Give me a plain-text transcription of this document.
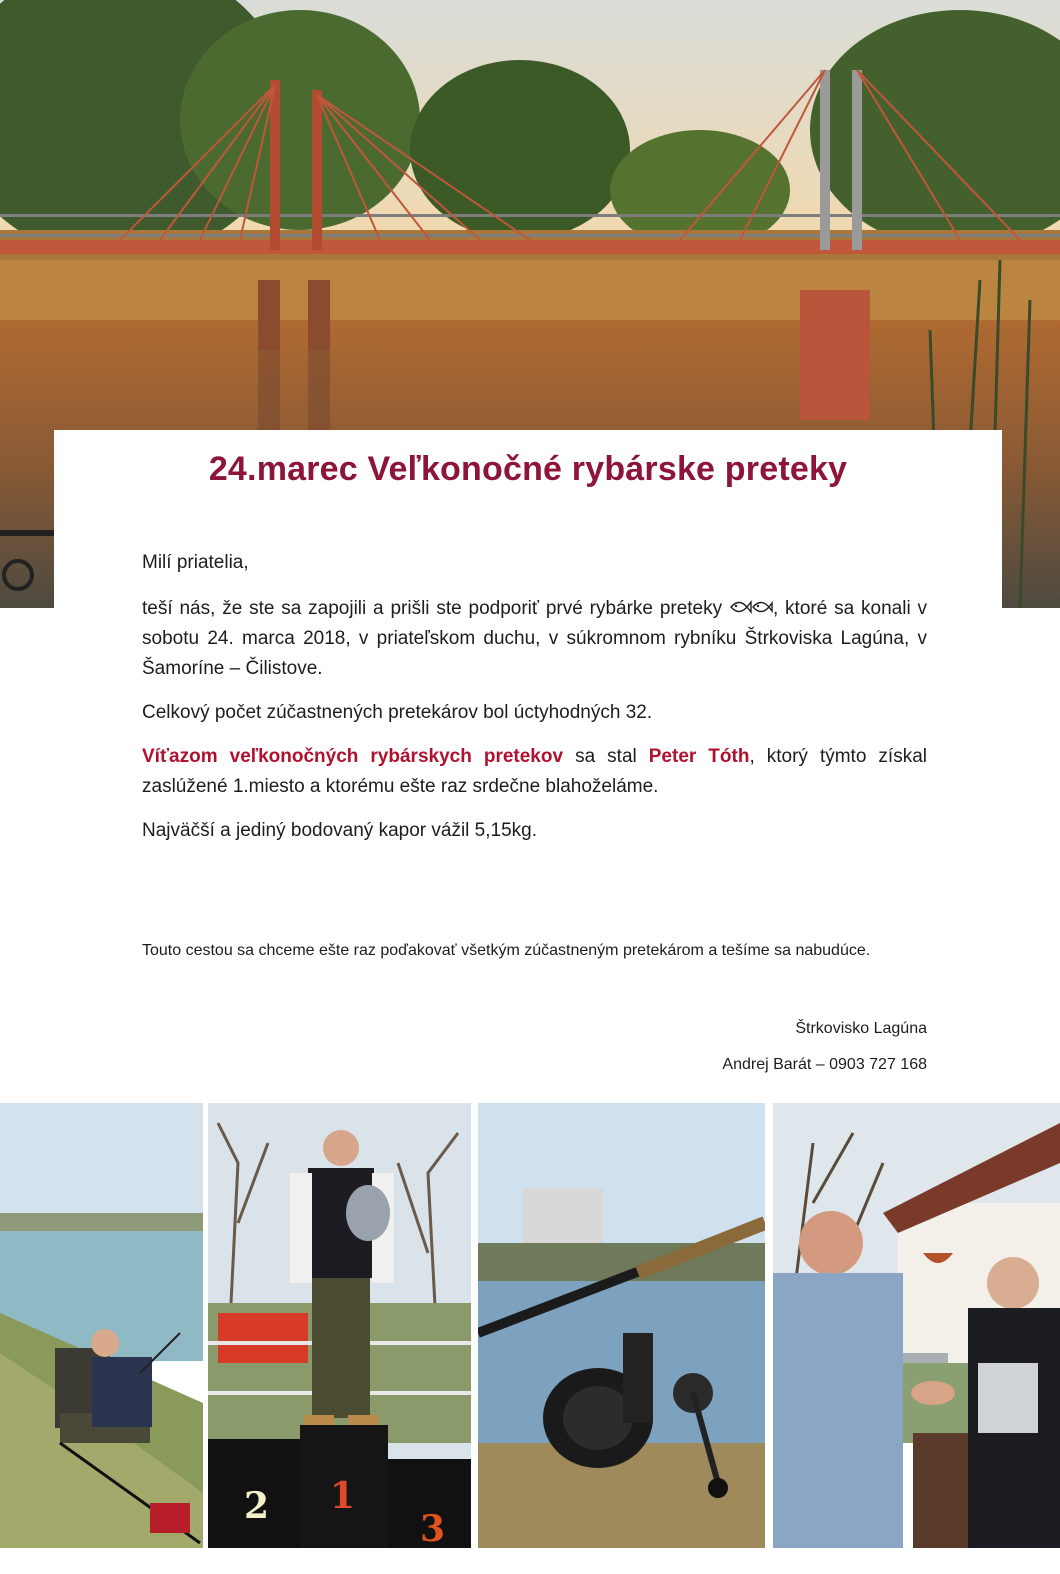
24.marec Veľkonočné rybárske preteky
Milí priatelia,
teší nás, že ste sa zapojili a prišli ste podporiť prvé rybárke preteky	, ktoré sa konali v sobotu 24. marca 2018, v priateľskom duchu, v súkromnom rybníku Štrkoviska Lagúna, v Šamoríne – Čilistove.
Celkový počet zúčastnených pretekárov bol úctyhodných 32.
Víťazom veľkonočných rybárskych pretekov sa stal Peter Tóth, ktorý týmto získal zaslúžené 1.miesto a ktorému ešte raz srdečne blahoželáme.
Najväčší a jediný bodovaný kapor vážil 5,15kg.
Touto cestou sa chceme ešte raz poďakovať všetkým zúčastneným pretekárom a tešíme sa nabudúce.
Štrkovisko Lagúna
Andrej Barát – 0903 727 168
2 1
3
